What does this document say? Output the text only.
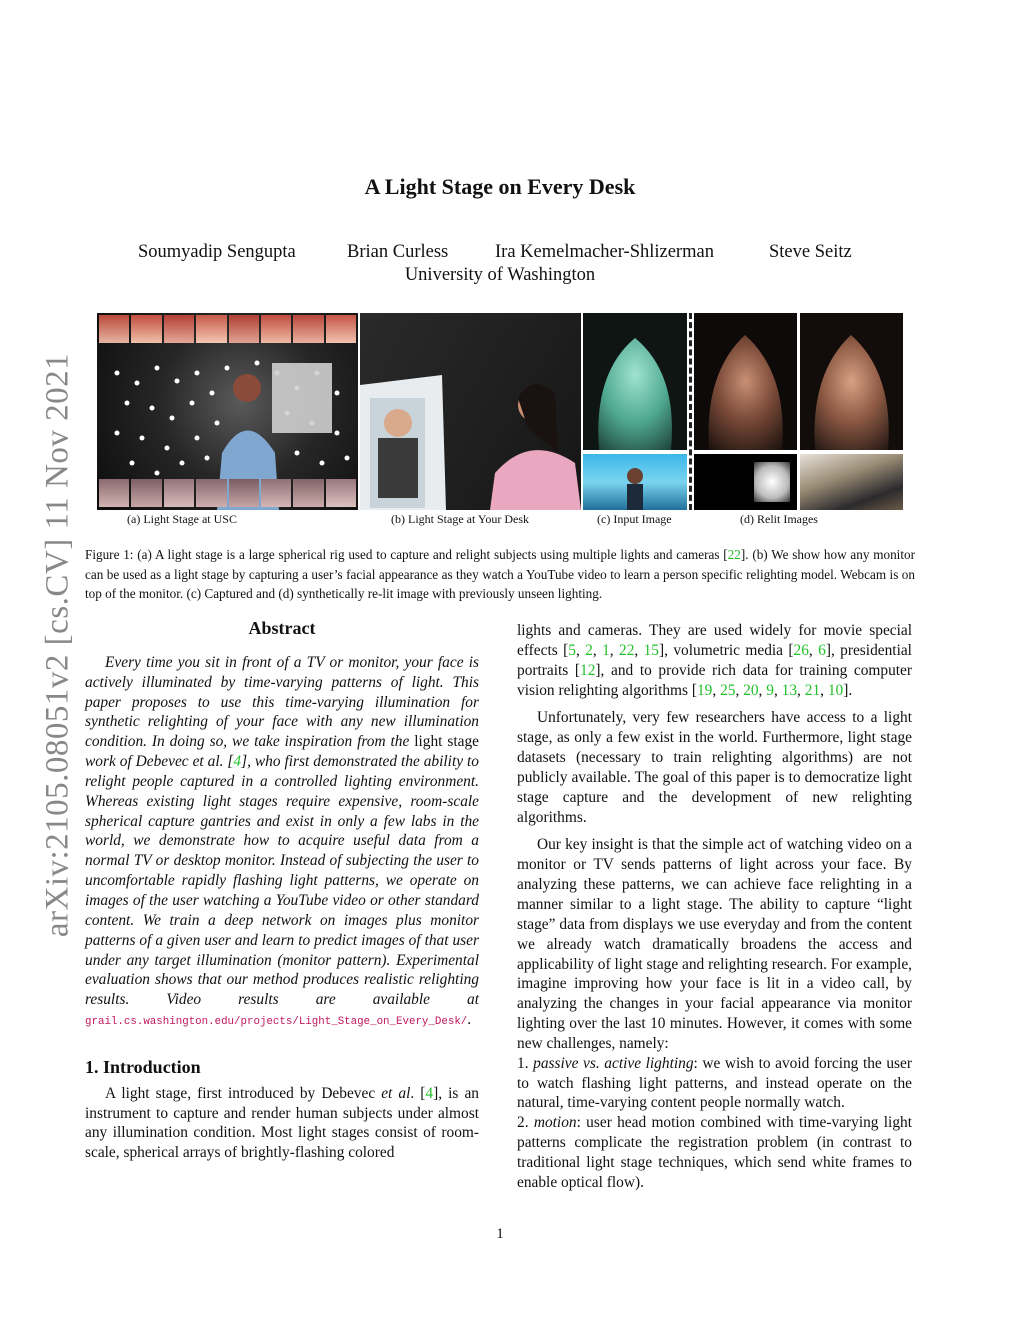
arXiv:2105.08051v2 [cs.CV] 11 Nov 2021
A Light Stage on Every Desk
Soumyadip Sengupta	Brian Curless	Ira Kemelmacher-Shlizerman	Steve Seitz
University of Washington
(a) Light Stage at USC	(b) Light Stage at Your Desk	(c) Input Image	(d) Relit Images
Figure 1: (a) A light stage is a large spherical rig used to capture and relight subjects using multiple lights and cameras [22]. (b) We show how any monitor can be used as a light stage by capturing a user’s facial appearance as they watch a YouTube video to learn a person specific relighting model. Webcam is on top of the monitor. (c) Captured and (d) synthetically re-lit image with previously unseen lighting.
Abstract

Every time you sit in front of a TV or monitor, your face is actively illuminated by time-varying patterns of light. This paper proposes to use this time-varying illumination for synthetic relighting of your face with any new illumination condition. In doing so, we take inspiration from the light stage work of Debevec et al. [4], who first demonstrated the ability to relight people captured in a controlled lighting environment. Whereas existing light stages require expensive, room-scale spherical capture gantries and exist in only a few labs in the world, we demonstrate how to acquire useful data from a normal TV or desktop monitor. Instead of subjecting the user to uncomfortable rapidly flashing light patterns, we operate on images of the user watching a YouTube video or other standard content. We train a deep network on images plus monitor patterns of a given user and learn to predict images of that user under any target illumination (monitor pattern). Experimental evaluation shows that our method produces realistic relighting results. Video results are available at grail.cs.washington.edu/projects/Light_Stage_on_Every_Desk/.

1. Introduction

A light stage, first introduced by Debevec et al. [4], is an instrument to capture and render human subjects under almost any illumination condition. Most light stages consist of room-scale, spherical arrays of brightly-flashing colored

lights and cameras. They are used widely for movie special effects [5, 2, 1, 22, 15], volumetric media [26, 6], presidential portraits [12], and to provide rich data for training computer vision relighting algorithms [19, 25, 20, 9, 13, 21, 10].

Unfortunately, very few researchers have access to a light stage, as only a few exist in the world. Furthermore, light stage datasets (necessary to train relighting algorithms) are not publicly available. The goal of this paper is to democratize light stage capture and the development of new relighting algorithms.

Our key insight is that the simple act of watching video on a monitor or TV sends patterns of light across your face. By analyzing these patterns, we can achieve face relighting in a manner similar to a light stage. The ability to capture “light stage” data from displays we use everyday and from the content we already watch dramatically broadens the access and applicability of light stage and relighting research. For example, imagine improving how your face is lit in a video call, by analyzing the changes in your facial appearance via monitor lighting over the last 10 minutes. However, it comes with some new challenges, namely:

1. passive vs. active lighting: we wish to avoid forcing the user to watch flashing light patterns, and instead operate on the natural, time-varying content people normally watch.

2. motion: user head motion combined with time-varying light patterns complicate the registration problem (in contrast to traditional light stage techniques, which send white frames to enable optical flow).

1
